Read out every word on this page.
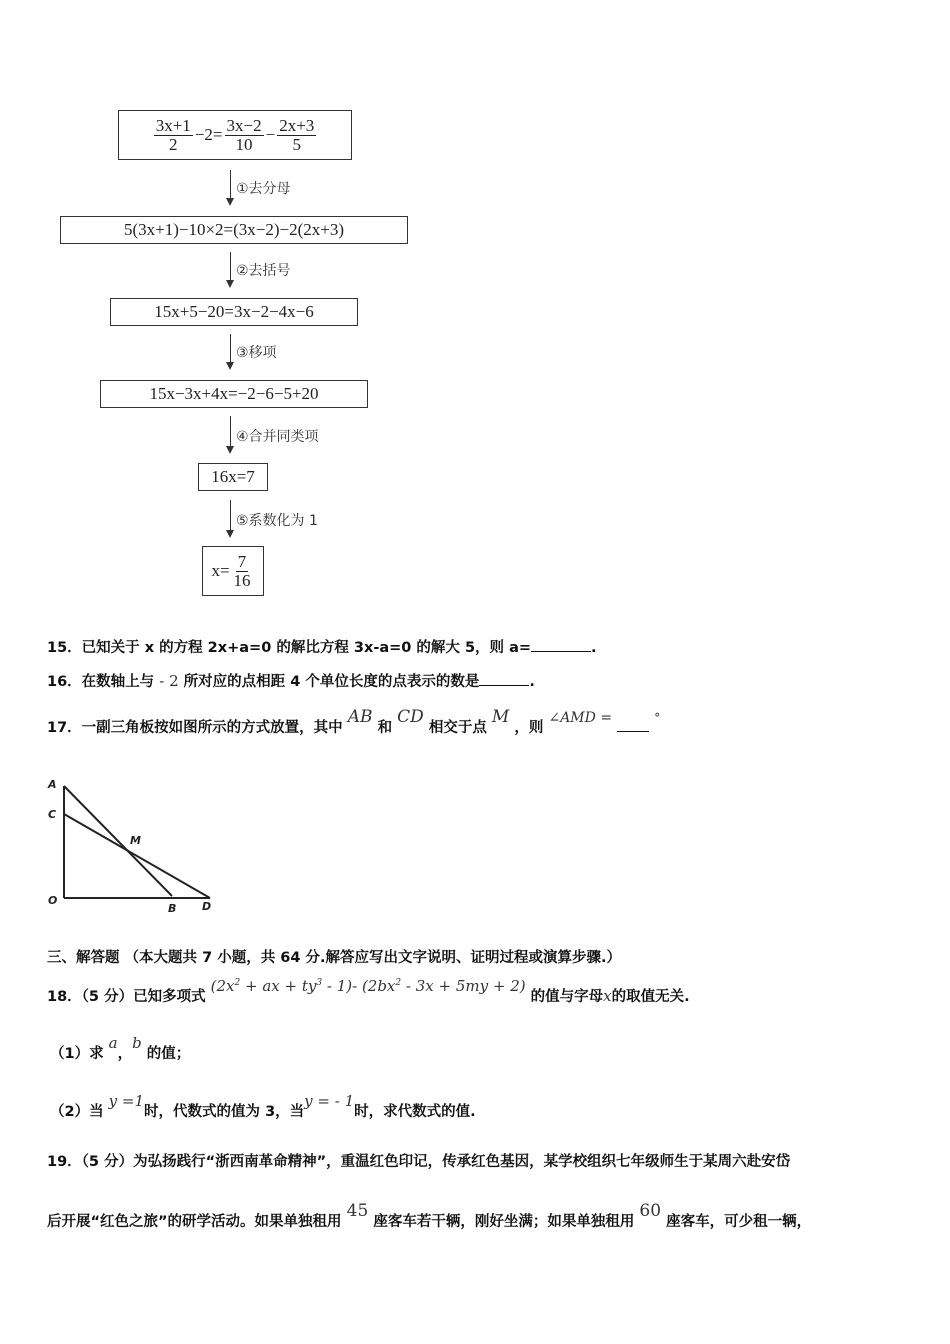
$\frac{3x+1}{2} -2= \frac{3x-2}{10} - \frac{2x+3}{5}$
①去分母
5(3x+1)−10×2=(3x−2)−2(2x+3)
②去括号
15x+5−20=3x−2−4x−6
③移项
15x−3x+4x=−2−6−5+20
④合并同类项
16x=7
⑤系数化为 1
$x= \frac{7}{16}$
15．已知关于 x 的方程 2x+a=0 的解比方程 3x-a=0 的解大 5，则 a=	.
16．在数轴上与 - 2 所对应的点相距 4 个单位长度的点表示的数是	.
17．一副三角板按如图所示的方式放置，其中 AB 和 CD 相交于点 M ，则 ∠AMD =	°
A
C
M
O
B D
三、解答题 （本大题共 7 小题，共 64 分.解答应写出文字说明、证明过程或演算步骤.）
18．（5 分）已知多项式 ($2x^2$ + ax + $ty^3 - 1)-$ $(2bx^2 - 3x + 5my + 2)$ 的值与字母x的取值无关.
（1）求 a，b 的值；
（2）当 y =1时，代数式的值为 3，当y = - 1时，求代数式的值.
19．（5 分）为弘扬践行“浙西南革命精神”，重温红色印记，传承红色基因，某学校组织七年级师生于某周六赴安岱
后开展“红色之旅”的研学活动。如果单独租用 45 座客车若干辆，刚好坐满；如果单独租用 60 座客车，可少租一辆，
